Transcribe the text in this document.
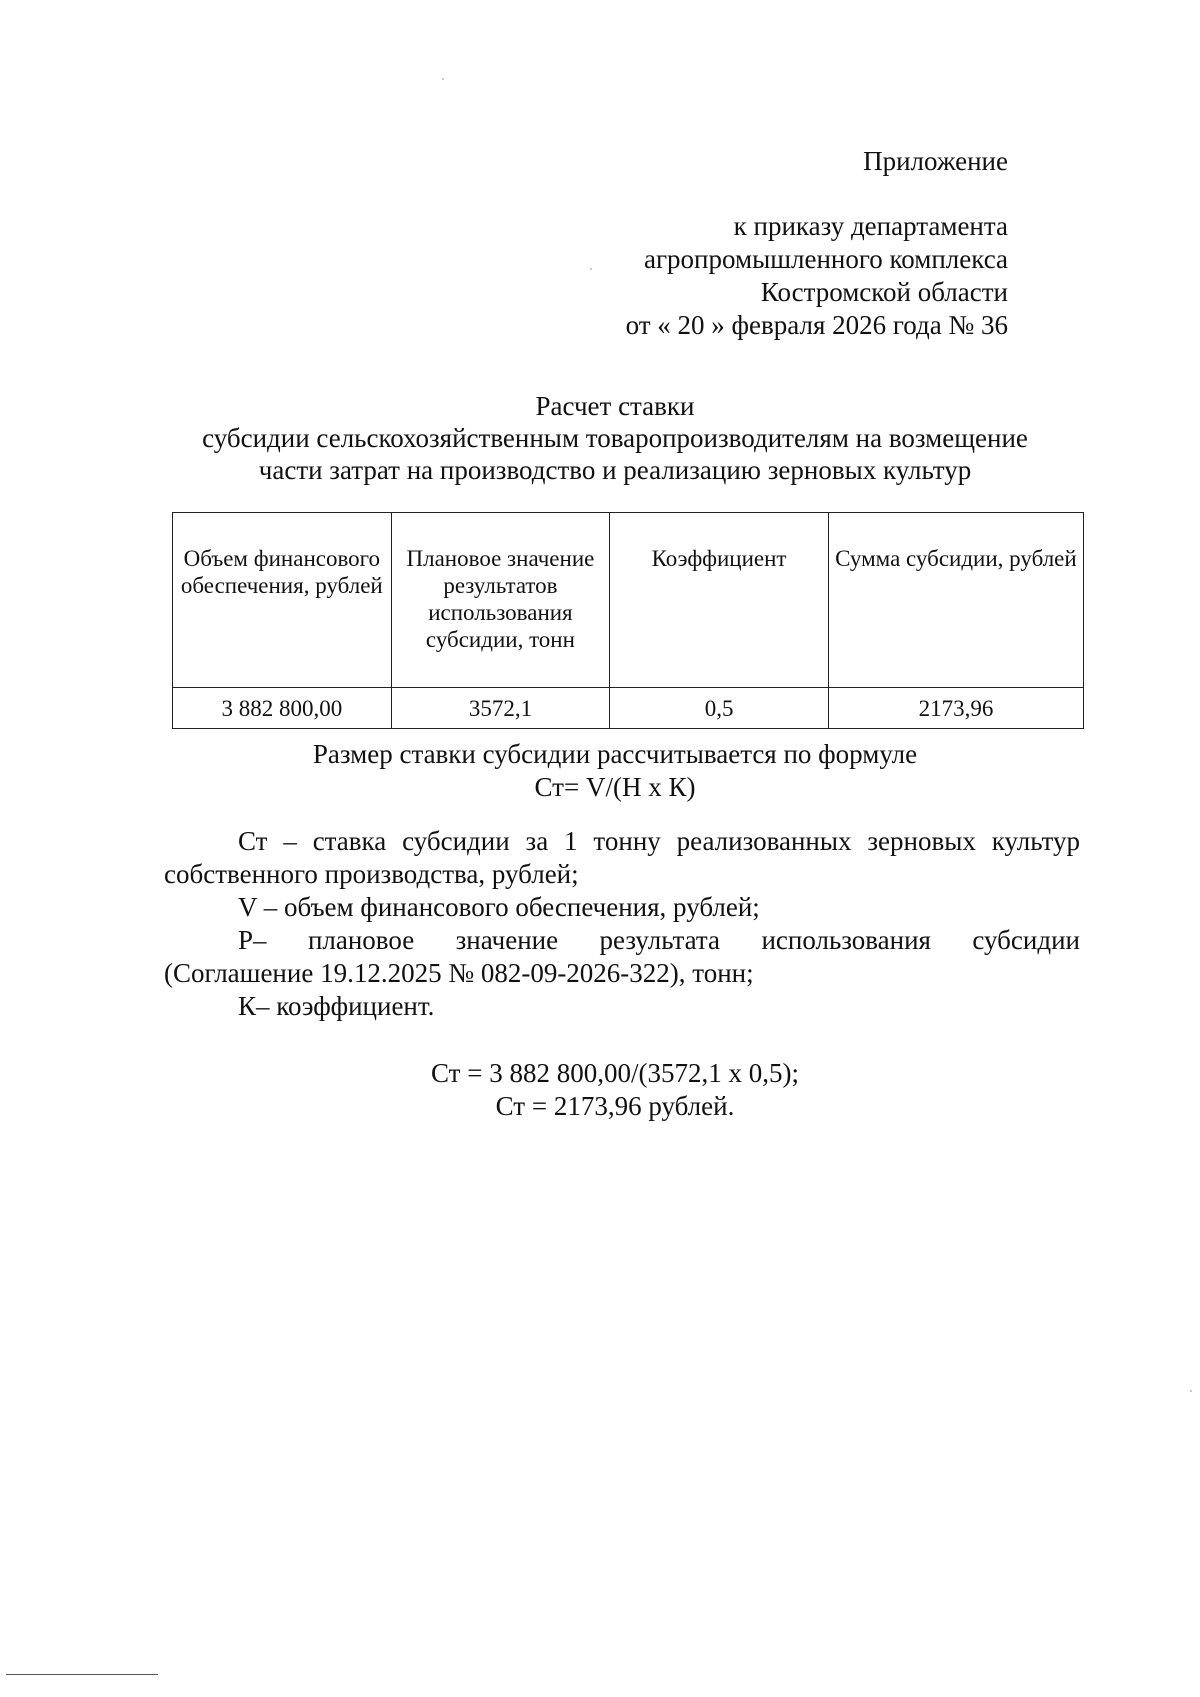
Приложение
к приказу департамента
агропромышленного комплекса
Костромской области
от « 20 » февраля 2026 года № 36
Расчет ставки
субсидии сельскохозяйственным товаропроизводителям на возмещение
части затрат на производство и реализацию зерновых культур
Объем финансового обеспечения, рублей	Плановое значение результатов использования субсидии, тонн	Коэффициент	Сумма субсидии, рублей
3 882 800,00	3572,1	0,5	2173,96
Размер ставки субсидии рассчитывается по формуле
Ст= V/(Н х К)

Ст – ставка субсидии за 1 тонну реализованных зерновых культур собственного производства, рублей;

V – объем финансового обеспечения, рублей;

Р– плановое значение результата использования субсидии

(Соглашение 19.12.2025 № 082-09-2026-322), тонн;

К– коэффициент.

Ст = 3 882 800,00/(3572,1 х 0,5);
Ст = 2173,96 рублей.
